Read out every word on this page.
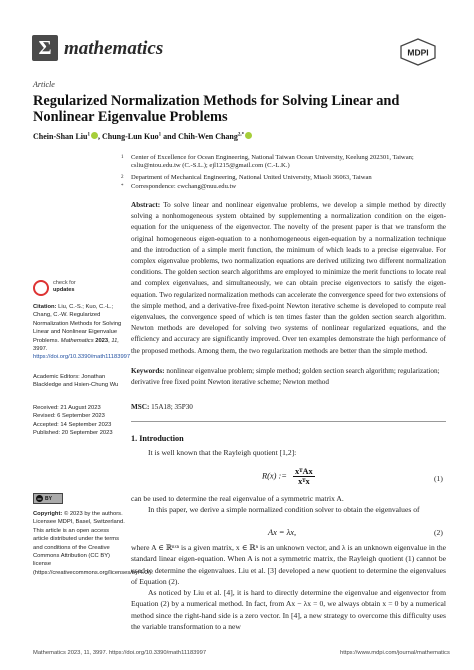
Σ mathematics	MDPI
Article
Regularized Normalization Methods for Solving Linear and Nonlinear Eigenvalue Problems
Chein-Shan Liu$^1$ , Chung-Lun Kuo$^1$ and Chih-Wen Chang$^{2,*}$
1 Center of Excellence for Ocean Engineering, National Taiwan Ocean University, Keelung 202301, Taiwan;
csliu@ntou.edu.tw (C.-S.L.); ejl1215@gmail.com (C.-L.K.)
2 Department of Mechanical Engineering, National United University, Miaoli 36063, Taiwan
* Correspondence: cwchang@nuu.edu.tw

Abstract: To solve linear and nonlinear eigenvalue problems, we develop a simple method by directly solving a nonhomogeneous system obtained by supplementing a normalization condition on the eigen-equation for the uniqueness of the eigenvector. The novelty of the present paper is that we transform the original homogeneous eigen-equation to a nonhomogeneous eigen-equation by a normalization technique and the introduction of a simple merit function, the minimum of which leads to a precise eigenvalue. For complex eigenvalue problems, two normalization equations are derived utilizing two different normalization conditions. The golden section search algorithms are employed to minimize the merit functions to locate real and complex eigenvalues, and simultaneously, we can obtain precise eigenvectors to satisfy the eigen-equation. Two regularized normalization methods can accelerate the convergence speed for two extensions of the simple method, and a derivative-free fixed-point Newton iterative scheme is developed to compute real eigenvalues, the convergence speed of which is ten times faster than the golden section search algorithm. Newton methods are developed for solving two systems of nonlinear regularized equations, and the efficiency and accuracy are significantly improved. Over ten examples demonstrate the high performance of the proposed methods. Among them, the two regularization methods are better than the simple method.

Keywords: nonlinear eigenvalue problem; simple method; golden section search algorithm; regularization; derivative free fixed point Newton iterative scheme; Newton method

MSC: 15A18; 35P30
check for
updates
Citation: Liu, C.-S.; Kuo, C.-L.; Chang, C.-W. Regularized Normalization Methods for Solving Linear and Nonlinear Eigenvalue Problems. Mathematics 2023, 11, 3997. https://doi.org/10.3390/math11183997
Academic Editors: Jonathan Blackledge and Hsien-Chung Wu
Received: 21 August 2023
Revised: 6 September 2023
Accepted: 14 September 2023
Published: 20 September 2023
cc BY
Copyright: © 2023 by the authors. Licensee MDPI, Basel, Switzerland. This article is an open access article distributed under the terms and conditions of the Creative Commons Attribution (CC BY) license (https://creativecommons.org/licenses/by/4.0/).
1. Introduction

It is well known that the Rayleigh quotient [1,2]:

R(x) := xᵀAx
xᵀx	(1)

can be used to determine the real eigenvalue of a symmetric matrix A.

In this paper, we derive a simple normalized condition solver to obtain the eigenvalues of

Ax = λx,	(2)

where A ∈ ℝⁿˣⁿ is a given matrix, x ∈ ℝⁿ is an unknown vector, and λ is an unknown eigenvalue in the standard linear eigen-equation. When A is not a symmetric matrix, the Rayleigh quotient (1) cannot be used to determine the eigenvalues. Liu et al. [3] developed a new quotient to determine the eigenvalues of Equation (2).

As noticed by Liu et al. [4], it is hard to directly determine the eigenvalue and eigenvector from Equation (2) by a numerical method. In fact, from Ax − λx = 0, we always obtain x = 0 by a numerical method since the right-hand side is a zero vector. In [4], a new strategy to overcome this difficulty uses the variable transformation to a new

Mathematics 2023, 11, 3997. https://doi.org/10.3390/math11183997	https://www.mdpi.com/journal/mathematics
